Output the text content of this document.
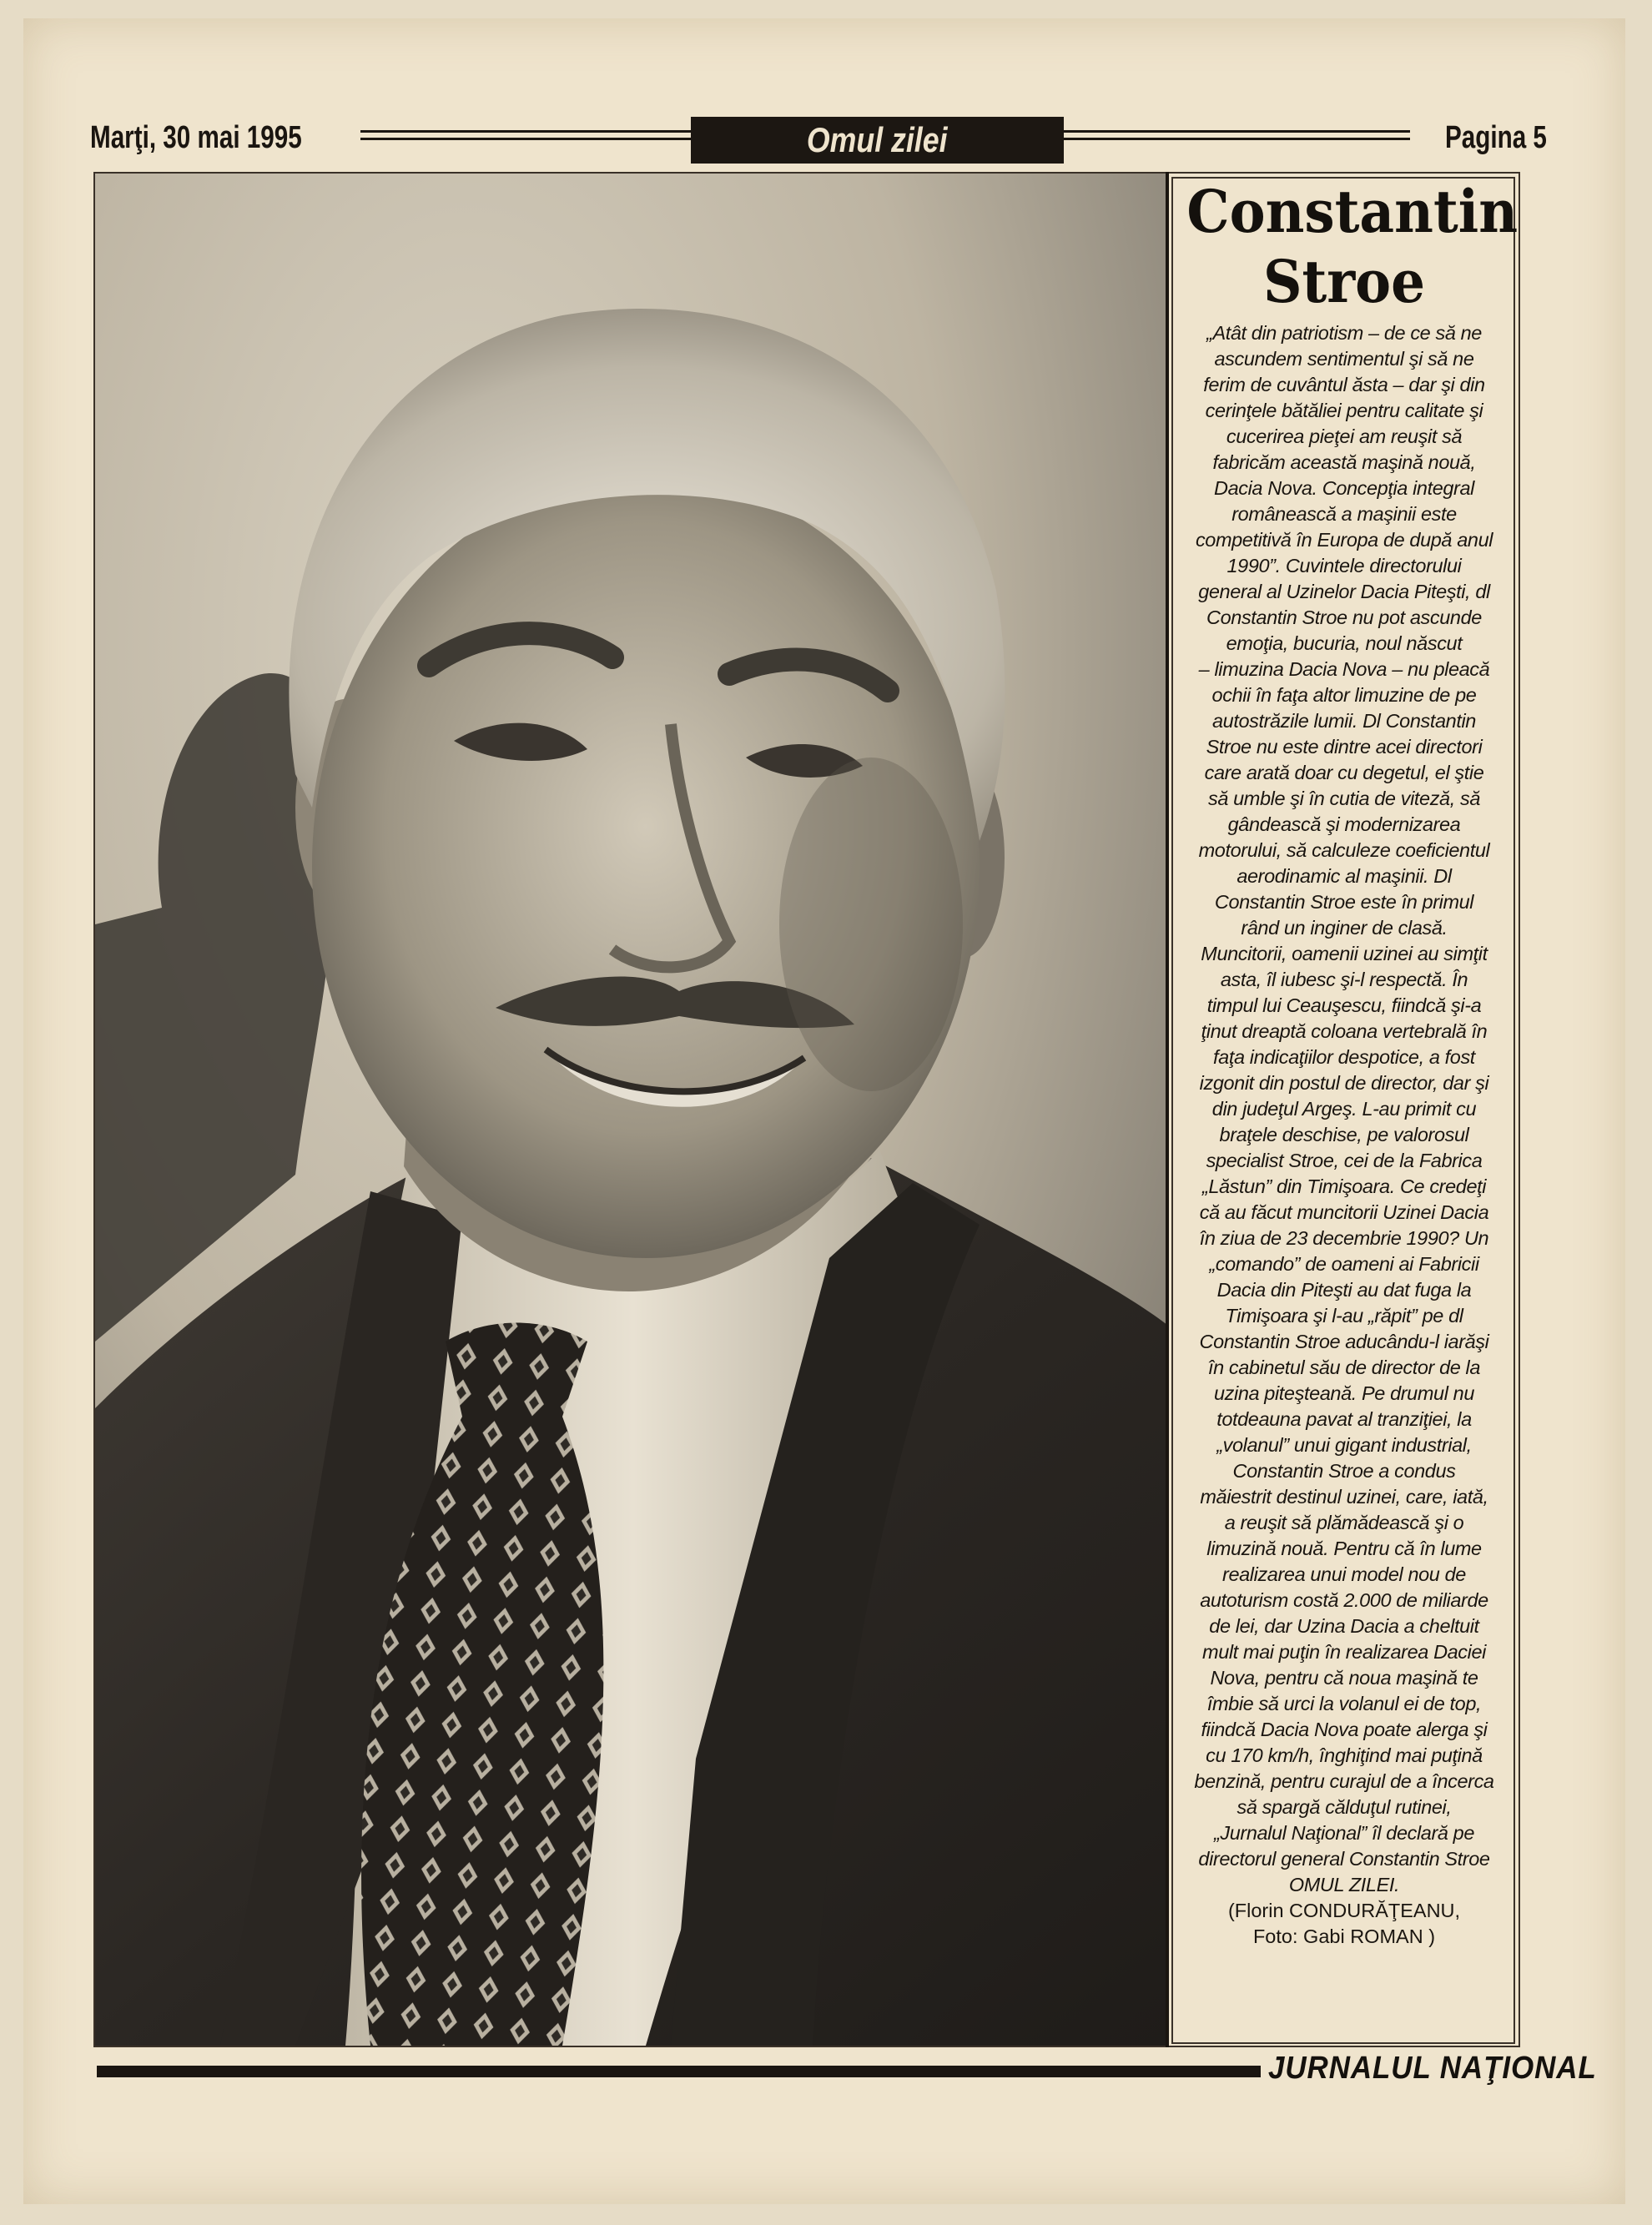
Marţi, 30 mai 1995	Omul zilei	Pagina 5
Constantin
Stroe
„Atât din patriotism – de ce să ne
ascundem sentimentul şi să ne
ferim de cuvântul ăsta – dar şi din
cerinţele bătăliei pentru calitate şi
cucerirea pieţei am reuşit să
fabricăm această maşină nouă,
Dacia Nova. Concepţia integral
românească a maşinii este
competitivă în Europa de după anul
1990”. Cuvintele directorului
general al Uzinelor Dacia Piteşti, dl
Constantin Stroe nu pot ascunde
emoţia, bucuria, noul născut
– limuzina Dacia Nova – nu pleacă
ochii în faţa altor limuzine de pe
autostrăzile lumii. Dl Constantin
Stroe nu este dintre acei directori
care arată doar cu degetul, el ştie
să umble şi în cutia de viteză, să
gândească şi modernizarea
motorului, să calculeze coeficientul
aerodinamic al maşinii. Dl
Constantin Stroe este în primul
rând un inginer de clasă.
Muncitorii, oamenii uzinei au simţit
asta, îl iubesc şi-l respectă. În
timpul lui Ceauşescu, fiindcă şi-a
ţinut dreaptă coloana vertebrală în
faţa indicaţiilor despotice, a fost
izgonit din postul de director, dar şi
din judeţul Argeş. L-au primit cu
braţele deschise, pe valorosul
specialist Stroe, cei de la Fabrica
„Lăstun” din Timişoara. Ce credeţi
că au făcut muncitorii Uzinei Dacia
în ziua de 23 decembrie 1990? Un
„comando” de oameni ai Fabricii
Dacia din Piteşti au dat fuga la
Timişoara şi l-au „răpit” pe dl
Constantin Stroe aducându-l iarăşi
în cabinetul său de director de la
uzina piteşteană. Pe drumul nu
totdeauna pavat al tranziţiei, la
„volanul” unui gigant industrial,
Constantin Stroe a condus
măiestrit destinul uzinei, care, iată,
a reuşit să plămădească şi o
limuzină nouă. Pentru că în lume
realizarea unui model nou de
autoturism costă 2.000 de miliarde
de lei, dar Uzina Dacia a cheltuit
mult mai puţin în realizarea Daciei
Nova, pentru că noua maşină te
îmbie să urci la volanul ei de top,
fiindcă Dacia Nova poate alerga şi
cu 170 km/h, înghiţind mai puţină
benzină, pentru curajul de a încerca
să spargă călduţul rutinei,
„Jurnalul Naţional” îl declară pe
directorul general Constantin Stroe
OMUL ZILEI.
(Florin CONDURĂŢEANU,
Foto: Gabi ROMAN )
JURNALUL NAŢIONAL
